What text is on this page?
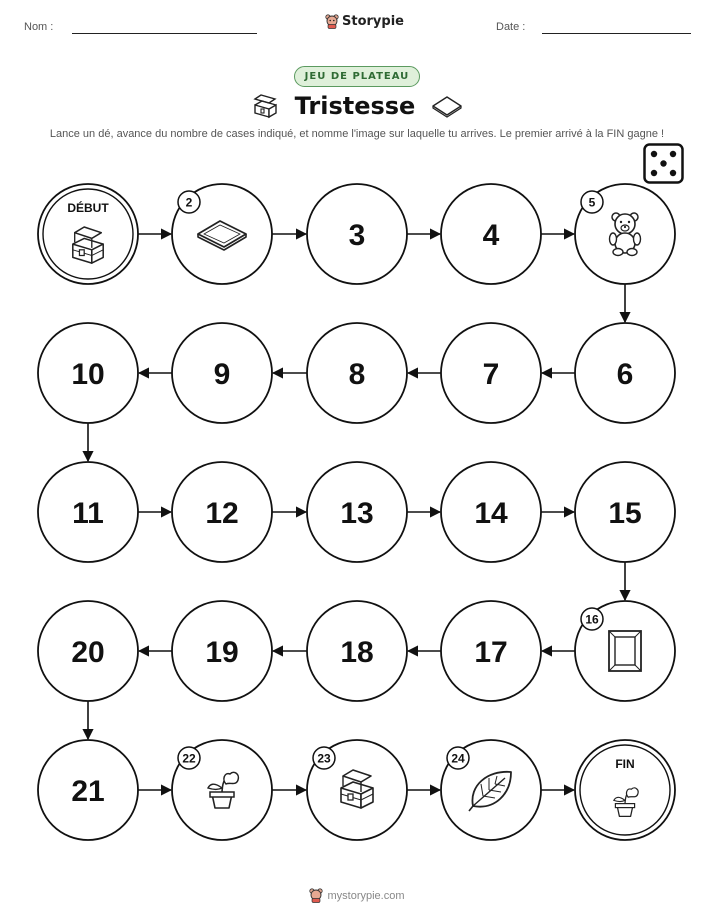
Nom :	Storypie	Date :
JEU DE PLATEAU
Tristesse
Lance un dé, avance du nombre de cases indiqué, et nomme l'image sur laquelle tu arrives. Le premier arrivé à la FIN gagne !
DÉBUT	2
3	4
5
6
7
8
9
10
11	12	13	14	15
16
17
18
19
20
21
22	23	24	FIN
mystorypie.com
